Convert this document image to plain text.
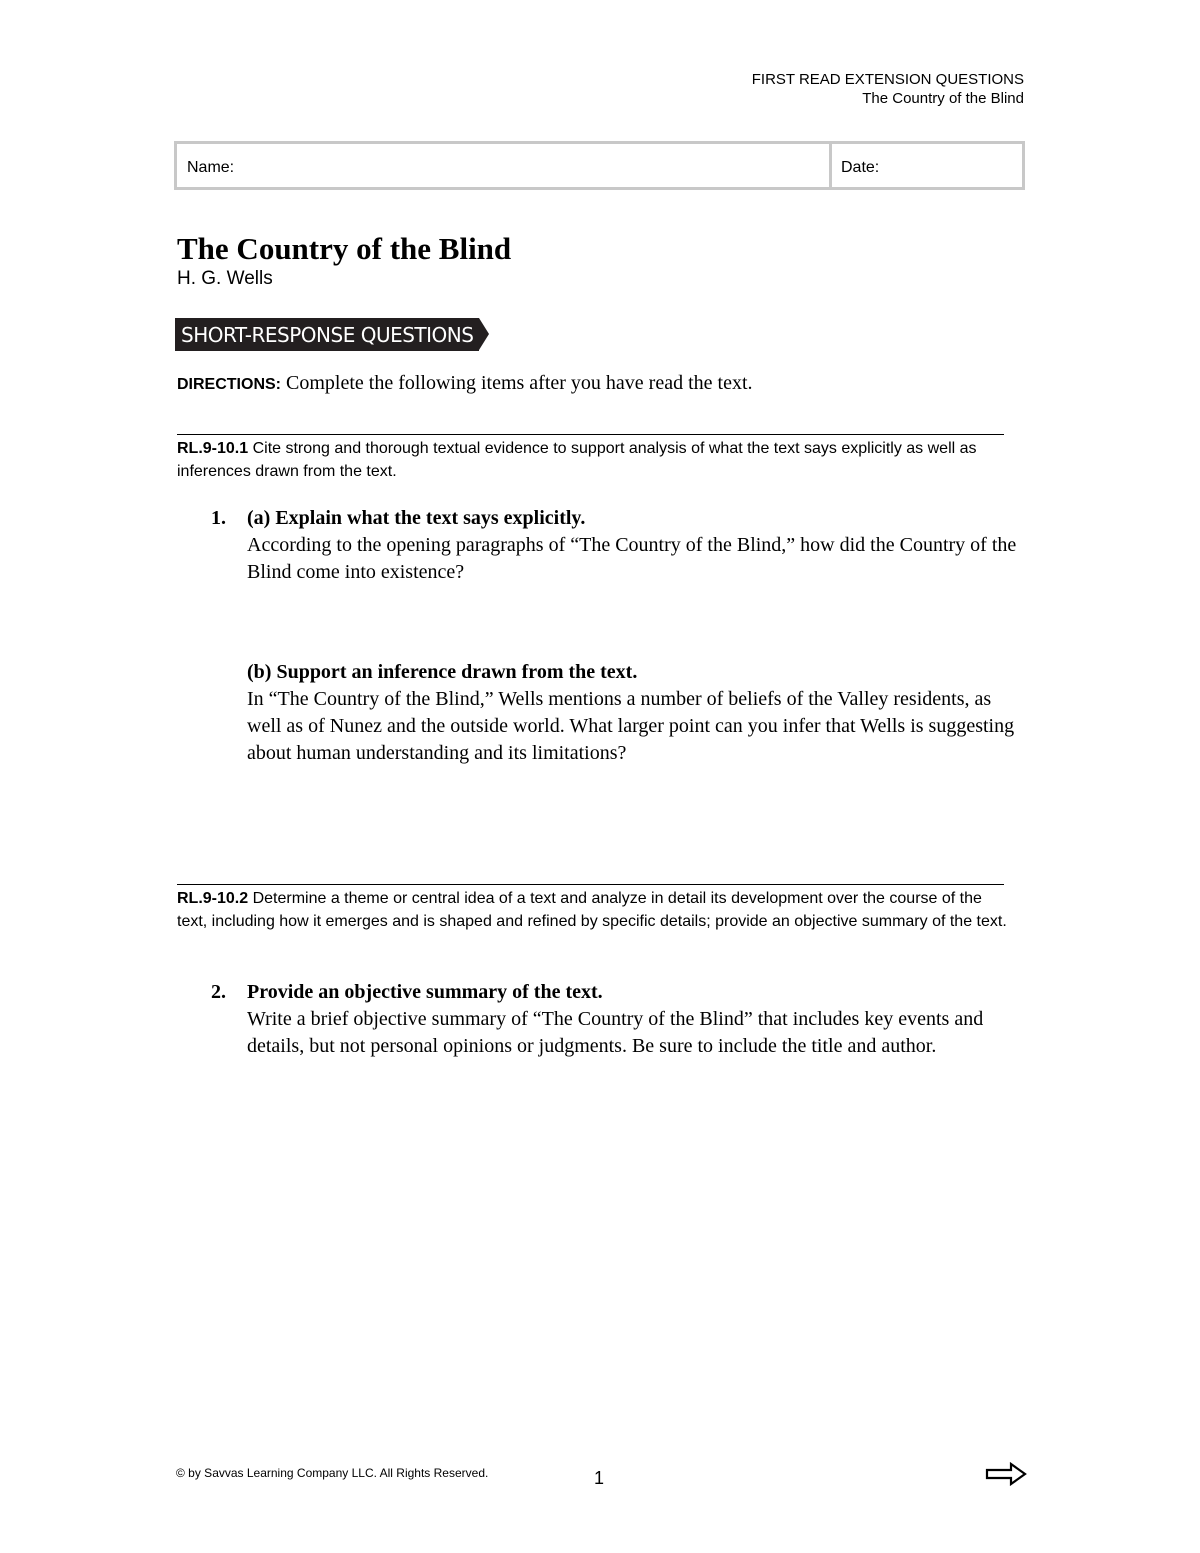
FIRST READ EXTENSION QUESTIONS
The Country of the Blind
Name:	Date:
The Country of the Blind
H. G. Wells
SHORT-RESPONSE QUESTIONS
DIRECTIONS: Complete the following items after you have read the text.
RL.9-10.1 Cite strong and thorough textual evidence to support analysis of what the text says explicitly as well as inferences drawn from the text.
1. (a) Explain what the text says explicitly.
According to the opening paragraphs of “The Country of the Blind,” how did the Country of the Blind come into existence?
(b) Support an inference drawn from the text.
In “The Country of the Blind,” Wells mentions a number of beliefs of the Valley residents, as well as of Nunez and the outside world. What larger point can you infer that Wells is suggesting about human understanding and its limitations?
RL.9-10.2 Determine a theme or central idea of a text and analyze in detail its development over the course of the text, including how it emerges and is shaped and refined by specific details; provide an objective summary of the text.
2. Provide an objective summary of the text.
Write a brief objective summary of “The Country of the Blind” that includes key events and details, but not personal opinions or judgments. Be sure to include the title and author.
© by Savvas Learning Company LLC. All Rights Reserved.	1
